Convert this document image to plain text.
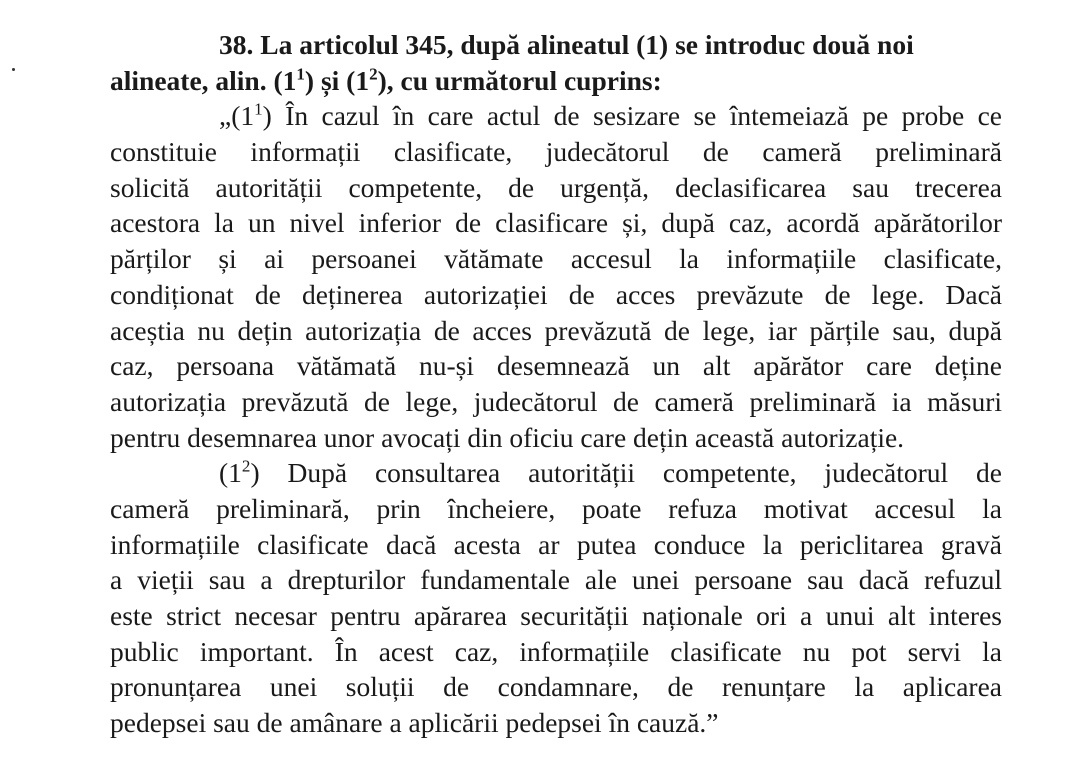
38. La articolul 345, după alineatul (1) se introduc două noi
alineate, alin. $(1^1)$ și $(1^2)$, cu următorul cuprins:
$„(1^1)$ În cazul în care actul de sesizare se întemeiază pe probe ce
constituie informații clasificate, judecătorul de cameră preliminară
solicită autorității competente, de urgență, declasificarea sau trecerea
acestora la un nivel inferior de clasificare și, după caz, acordă apărătorilor
părților și ai persoanei vătămate accesul la informațiile clasificate,
condiționat de deținerea autorizației de acces prevăzute de lege. Dacă
aceștia nu dețin autorizația de acces prevăzută de lege, iar părțile sau, după
caz, persoana vătămată nu-și desemnează un alt apărător care deține
autorizația prevăzută de lege, judecătorul de cameră preliminară ia măsuri
pentru desemnarea unor avocați din oficiu care dețin această autorizație.
$(1^2)$ După consultarea autorității competente, judecătorul de
cameră preliminară, prin încheiere, poate refuza motivat accesul la
informațiile clasificate dacă acesta ar putea conduce la periclitarea gravă
a vieții sau a drepturilor fundamentale ale unei persoane sau dacă refuzul
este strict necesar pentru apărarea securității naționale ori a unui alt interes
public important. În acest caz, informațiile clasificate nu pot servi la
pronunțarea unei soluții de condamnare, de renunțare la aplicarea
pedepsei sau de amânare a aplicării pedepsei în cauză.”
